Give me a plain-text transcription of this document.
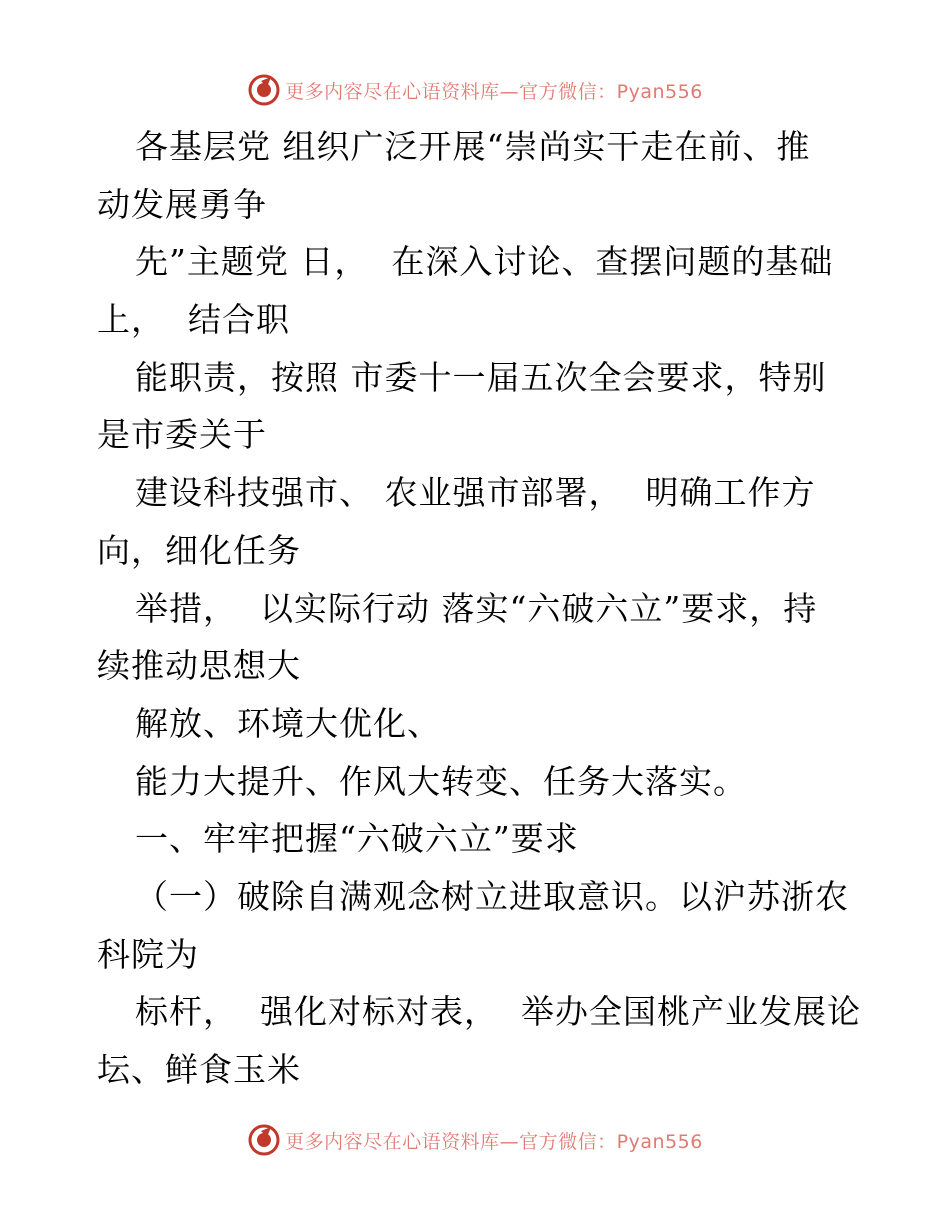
更多内容尽在心语资料库—官方微信：Pyan556
各基层党 组织广泛开展“崇尚实干走在前、推
动发展勇争
先”主题党 日，  在深入讨论、查摆问题的基础
上，  结合职
能职责，按照 市委十一届五次全会要求，特别
是市委关于
建设科技强市、 农业强市部署，  明确工作方
向，细化任务
举措，  以实际行动 落实“六破六立”要求，持
续推动思想大
解放、环境大优化、
能力大提升、作风大转变、任务大落实。
一、牢牢把握“六破六立”要求
（一）破除自满观念树立进取意识。以沪苏浙农
科院为
标杆，  强化对标对表，  举办全国桃产业发展论
坛、鲜食玉米
更多内容尽在心语资料库—官方微信：Pyan556
